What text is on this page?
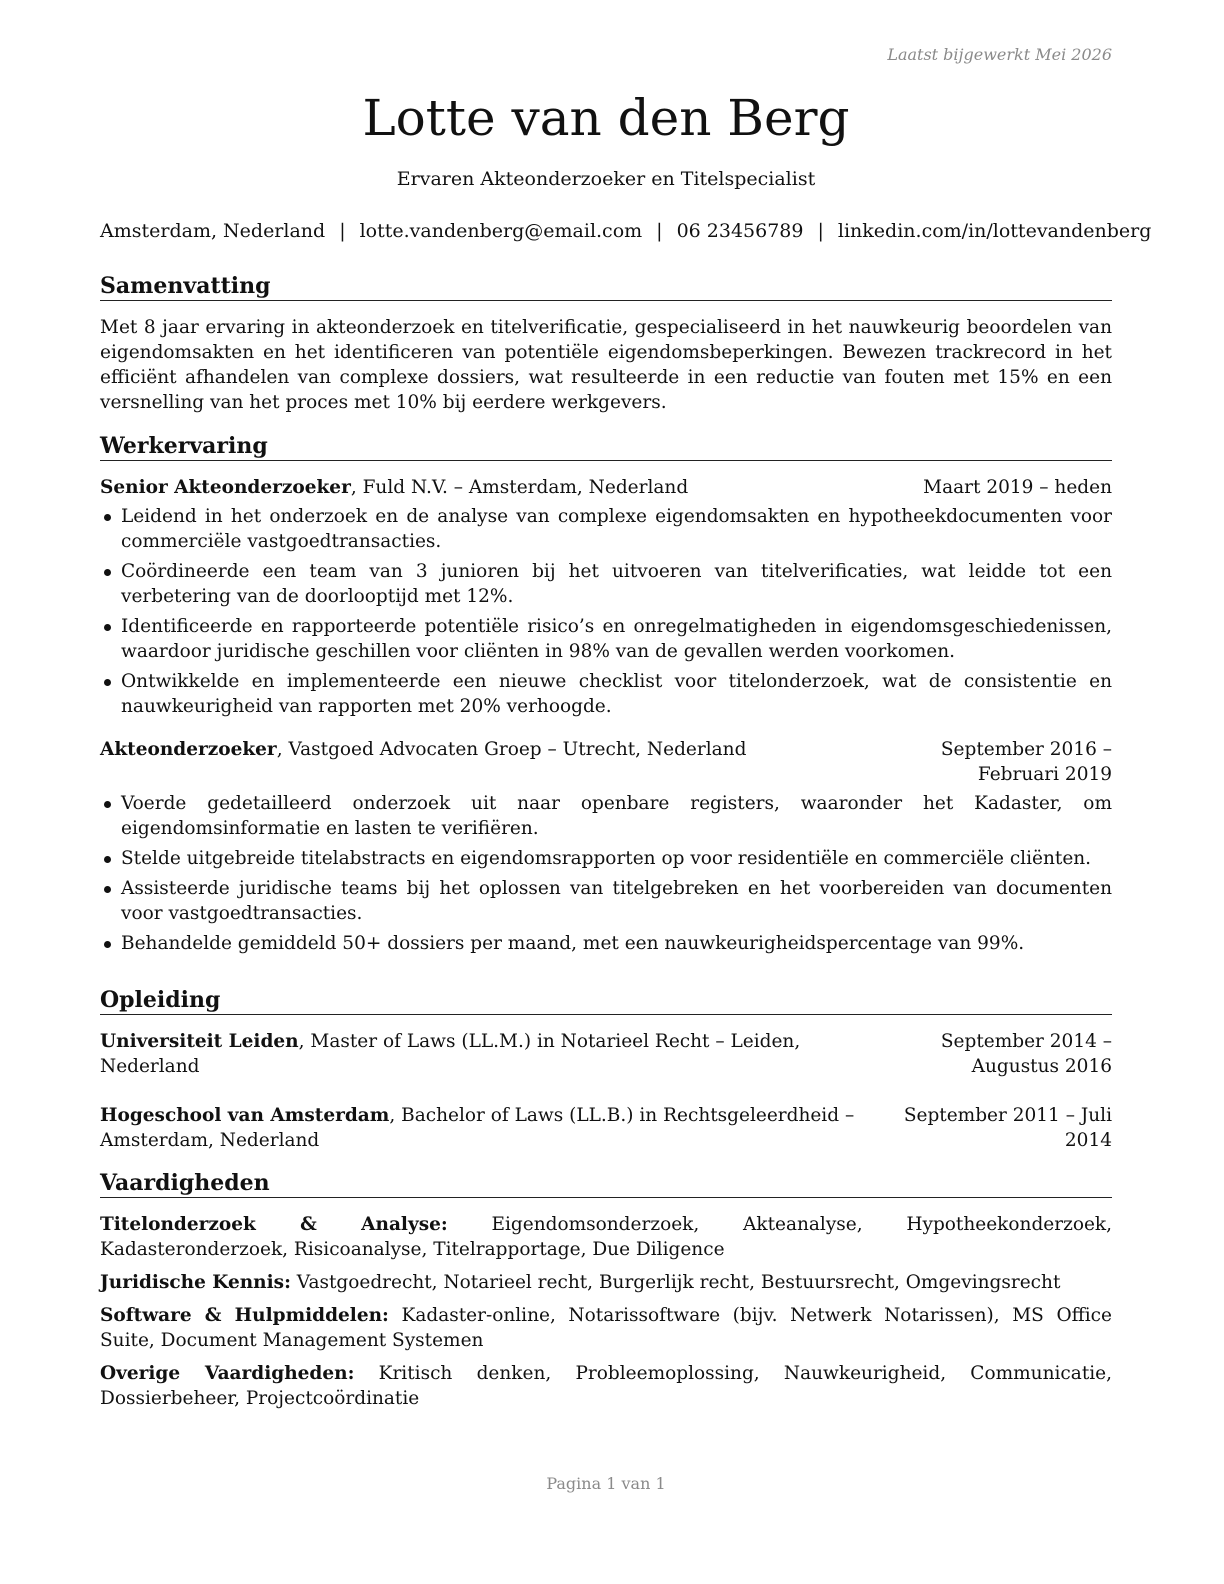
Laatst bijgewerkt Mei 2026
Lotte van den Berg
Ervaren Akteonderzoeker en Titelspecialist
Amsterdam, Nederland | lotte.vandenberg@email.com | 06 23456789 | linkedin.com/in/lottevandenberg
Samenvatting
Met 8 jaar ervaring in akteonderzoek en titelverificatie, gespecialiseerd in het nauwkeurig beoordelen van eigendomsakten en het identificeren van potentiële eigendomsbeperkingen. Bewezen trackrecord in het efficiënt afhandelen van complexe dossiers, wat resulteerde in een reductie van fouten met 15% en een versnelling van het proces met 10% bij eerdere werkgevers.
Werkervaring
Senior Akteonderzoeker, Fuld N.V. – Amsterdam, Nederland	Maart 2019 – heden
Leidend in het onderzoek en de analyse van complexe eigendomsakten en hypotheekdocumenten voor commerciële vastgoedtransacties.
Coördineerde een team van 3 junioren bij het uitvoeren van titelverificaties, wat leidde tot een verbetering van de doorlooptijd met 12%.
Identificeerde en rapporteerde potentiële risico’s en onregelmatigheden in eigendomsgeschiedenissen, waardoor juridische geschillen voor cliënten in 98% van de gevallen werden voorkomen.
Ontwikkelde en implementeerde een nieuwe checklist voor titelonderzoek, wat de consistentie en nauwkeurigheid van rapporten met 20% verhoogde.
Akteonderzoeker, Vastgoed Advocaten Groep – Utrecht, Nederland	September 2016 – Februari 2019
Voerde gedetailleerd onderzoek uit naar openbare registers, waaronder het Kadaster, om eigendomsinformatie en lasten te verifiëren.
Stelde uitgebreide titelabstracts en eigendomsrapporten op voor residentiële en commerciële cliënten.
Assisteerde juridische teams bij het oplossen van titelgebreken en het voorbereiden van documenten voor vastgoedtransacties.
Behandelde gemiddeld 50+ dossiers per maand, met een nauwkeurigheidspercentage van 99%.
Opleiding
Universiteit Leiden, Master of Laws (LL.M.) in Notarieel Recht – Leiden, Nederland
September 2014 – Augustus 2016
Hogeschool van Amsterdam, Bachelor of Laws (LL.B.) in Rechtsgeleerdheid – Amsterdam, Nederland
September 2011 – Juli 2014
Vaardigheden
Titelonderzoek & Analyse: Eigendomsonderzoek, Akteanalyse, Hypotheekonderzoek, Kadasteronderzoek, Risicoanalyse, Titelrapportage, Due Diligence
Juridische Kennis: Vastgoedrecht, Notarieel recht, Burgerlijk recht, Bestuursrecht, Omgevingsrecht
Software & Hulpmiddelen: Kadaster-online, Notarissoftware (bijv. Netwerk Notarissen), MS Office Suite, Document Management Systemen
Overige Vaardigheden: Kritisch denken, Probleemoplossing, Nauwkeurigheid, Communicatie, Dossierbeheer, Projectcoördinatie
Pagina 1 van 1
